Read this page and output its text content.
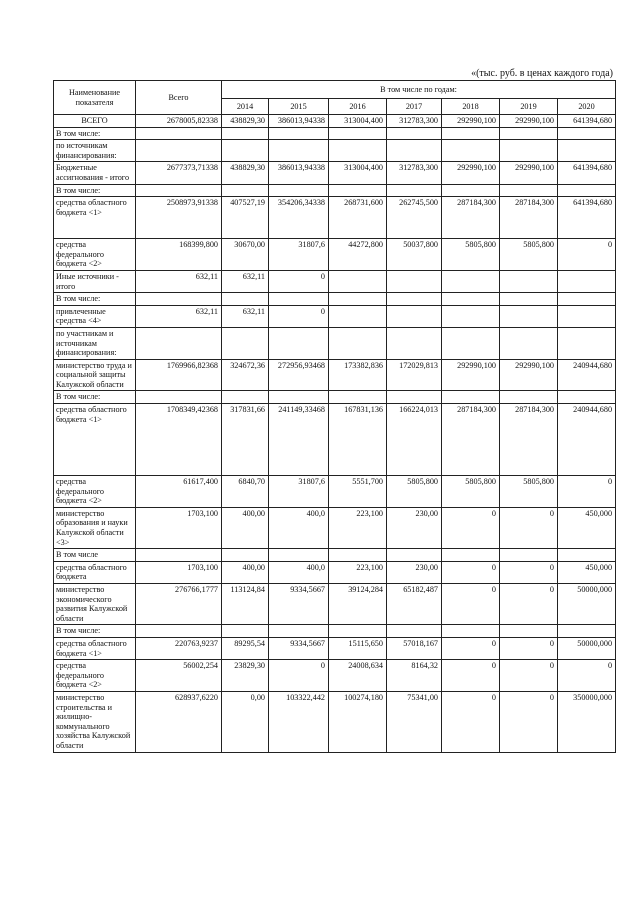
«(тыс. руб. в ценах каждого года)
Наименование показателя	Всего	В том числе по годам:						
		2014	2015	2016	2017	2018	2019	2020
ВСЕГО	2678005,82338	438829,30	386013,94338	313004,400	312783,300	292990,100	292990,100	641394,680
В том числе:								
по источникам финансирования:								
Бюджетные ассигнования - итого	2677373,71338	438829,30	386013,94338	313004,400	312783,300	292990,100	292990,100	641394,680
В том числе:								
средства областного бюджета <1>	2508973,91338	407527,19	354206,34338	268731,600	262745,500	287184,300	287184,300	641394,680
средства федерального бюджета <2>	168399,800	30670,00	31807,6	44272,800	50037,800	5805,800	5805,800	0
Иные источники - итого	632,11	632,11	0					
В том числе:								
привлеченные средства <4>	632,11	632,11	0					
по участникам и источникам финансирования:								
министерство труда и социальной защиты Калужской области	1769966,82368	324672,36	272956,93468	173382,836	172029,813	292990,100	292990,100	240944,680
В том числе:								
средства областного бюджета <1>	1708349,42368	317831,66	241149,33468	167831,136	166224,013	287184,300	287184,300	240944,680
средства федерального бюджета <2>	61617,400	6840,70	31807,6	5551,700	5805,800	5805,800	5805,800	0
министерство образования и науки Калужской области <3>	1703,100	400,00	400,0	223,100	230,00	0	0	450,000
В том числе								
средства областного бюджета	1703,100	400,00	400,0	223,100	230,00	0	0	450,000
министерство экономического развития Калужской области	276766,1777	113124,84	9334,5667	39124,284	65182,487	0	0	50000,000
В том числе:								
средства областного бюджета <1>	220763,9237	89295,54	9334,5667	15115,650	57018,167	0	0	50000,000
средства федерального бюджета <2>	56002,254	23829,30	0	24008,634	8164,32	0	0	0
министерство строительства и жилищно-коммунального хозяйства Калужской области	628937,6220	0,00	103322,442	100274,180	75341,00	0	0	350000,000
